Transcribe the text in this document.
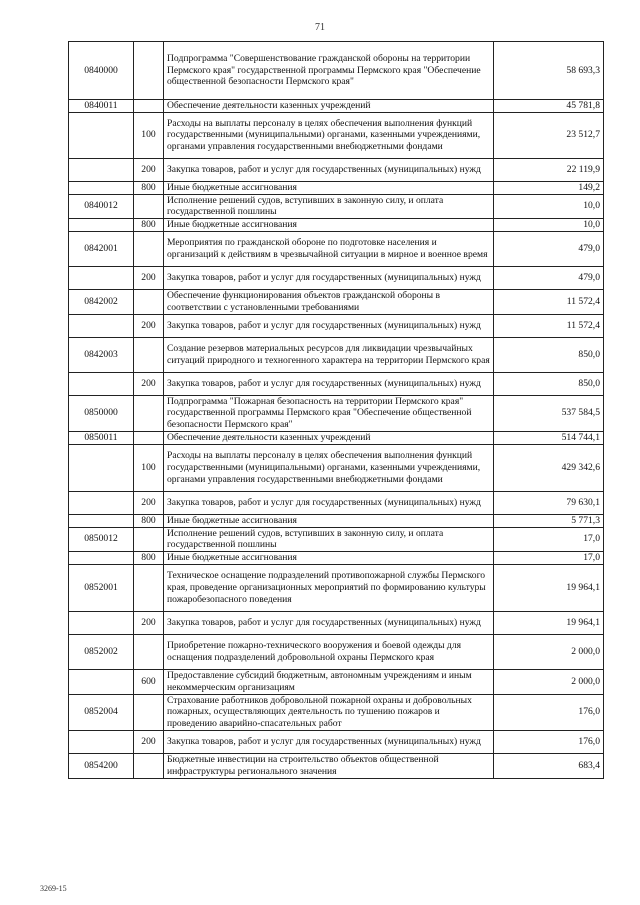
71
0840000		Подпрограмма "Совершенствование гражданской обороны на территории Пермского края" государственной программы Пермского края "Обеспечение общественной безопасности Пермского края"	58 693,3
0840011		Обеспечение деятельности казенных учреждений	45 781,8
	100	Расходы на выплаты персоналу в целях обеспечения выполнения функций государственными (муниципальными) органами, казенными учреждениями, органами управления государственными внебюджетными фондами	23 512,7
	200	Закупка товаров, работ и услуг для государственных (муниципальных) нужд	22 119,9
	800	Иные бюджетные ассигнования	149,2
0840012		Исполнение решений судов, вступивших в законную силу, и оплата государственной пошлины	10,0
	800	Иные бюджетные ассигнования	10,0
0842001		Мероприятия по гражданской обороне по подготовке населения и организаций к действиям в чрезвычайной ситуации в мирное и военное время	479,0
	200	Закупка товаров, работ и услуг для государственных (муниципальных) нужд	479,0
0842002		Обеспечение функционирования объектов гражданской обороны в соответствии с установленными требованиями	11 572,4
	200	Закупка товаров, работ и услуг для государственных (муниципальных) нужд	11 572,4
0842003		Создание резервов материальных ресурсов для ликвидации чрезвычайных ситуаций природного и техногенного характера на территории Пермского края	850,0
	200	Закупка товаров, работ и услуг для государственных (муниципальных) нужд	850,0
0850000		Подпрограмма "Пожарная безопасность на территории Пермского края" государственной программы Пермского края "Обеспечение общественной безопасности Пермского края"	537 584,5
0850011		Обеспечение деятельности казенных учреждений	514 744,1
	100	Расходы на выплаты персоналу в целях обеспечения выполнения функций государственными (муниципальными) органами, казенными учреждениями, органами управления государственными внебюджетными фондами	429 342,6
	200	Закупка товаров, работ и услуг для государственных (муниципальных) нужд	79 630,1
	800	Иные бюджетные ассигнования	5 771,3
0850012		Исполнение решений судов, вступивших в законную силу, и оплата государственной пошлины	17,0
	800	Иные бюджетные ассигнования	17,0
0852001		Техническое оснащение подразделений противопожарной службы Пермского края, проведение организационных мероприятий по формированию культуры пожаробезопасного поведения	19 964,1
	200	Закупка товаров, работ и услуг для государственных (муниципальных) нужд	19 964,1
0852002		Приобретение пожарно-технического вооружения и боевой одежды для оснащения подразделений добровольной охраны Пермского края	2 000,0
	600	Предоставление субсидий бюджетным, автономным учреждениям и иным некоммерческим организациям	2 000,0
0852004		Страхование работников добровольной пожарной охраны и добровольных пожарных, осуществляющих деятельность по тушению пожаров и проведению аварийно-спасательных работ	176,0
	200	Закупка товаров, работ и услуг для государственных (муниципальных) нужд	176,0
0854200		Бюджетные инвестиции на строительство объектов общественной инфраструктуры регионального значения	683,4
3269-15
